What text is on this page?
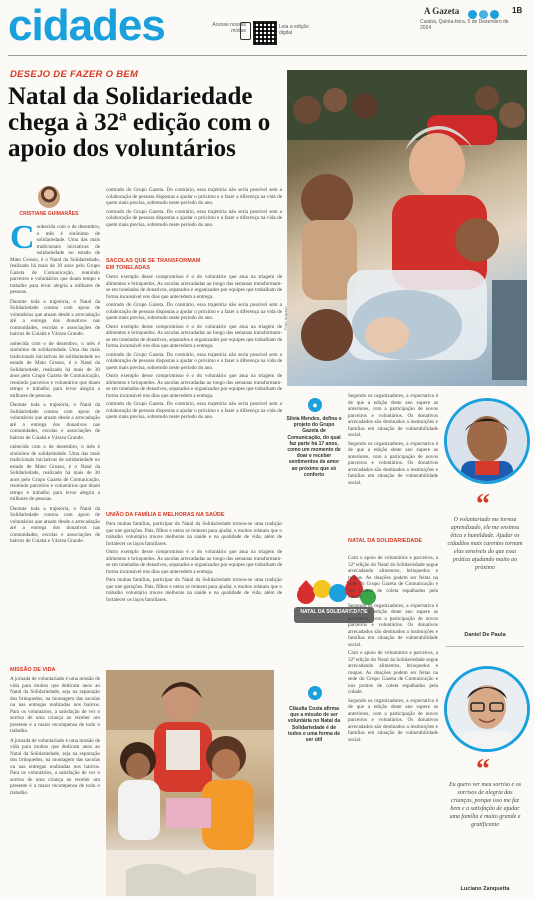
cidades	Acesse nossas mídias
Leia a edição digital
A Gazeta	1B
Cuiabá, Quinta-feira, 5 de Dezembro de 2024
DESEJO DE FAZER O BEM
Natal da Solidariedade chega à 32ª edição com o apoio dos voluntários
Foto: Arquivo
CRISTIANE GUIMARÃES
C onhecida com o de dezembro, o mês é sinônimo de solidariedade. Uma das mais tradicionais iniciativas de solidariedade no estado de Mato Grosso, é o Natal da Solidariedade, realizado há mais de 30 anos pelo Grupo Gazeta de Comunicação, reunindo parceiros e voluntários que doam tempo e trabalho para levar alegria a milhares de pessoas.

Durante toda a trajetória, o Natal da Solidariedade contou com apoio de voluntários que atuam desde a arrecadação até a entrega dos donativos nas comunidades, escolas e associações de bairros de Cuiabá e Várzea Grande.

onhecida com o de dezembro, o mês é sinônimo de solidariedade. Uma das mais tradicionais iniciativas de solidariedade no estado de Mato Grosso, é o Natal da Solidariedade, realizado há mais de 30 anos pelo Grupo Gazeta de Comunicação, reunindo parceiros e voluntários que doam tempo e trabalho para levar alegria a milhares de pessoas.

Durante toda a trajetória, o Natal da Solidariedade contou com apoio de voluntários que atuam desde a arrecadação até a entrega dos donativos nas comunidades, escolas e associações de bairros de Cuiabá e Várzea Grande.

onhecida com o de dezembro, o mês é sinônimo de solidariedade. Uma das mais tradicionais iniciativas de solidariedade no estado de Mato Grosso, é o Natal da Solidariedade, realizado há mais de 30 anos pelo Grupo Gazeta de Comunicação, reunindo parceiros e voluntários que doam tempo e trabalho para levar alegria a milhares de pessoas.

Durante toda a trajetória, o Natal da Solidariedade contou com apoio de voluntários que atuam desde a arrecadação até a entrega dos donativos nas comunidades, escolas e associações de bairros de Cuiabá e Várzea Grande.

MISSÃO DE VIDA

A jornada de voluntariado é uma missão de vida para muitos que dedicam anos ao Natal da Solidariedade, seja na separação dos brinquedos, na montagem das sacolas ou nas entregas realizadas nos bairros. Para os voluntários, a satisfação de ver o sorriso de uma criança ao receber um presente é a maior recompensa de todo o trabalho.

A jornada de voluntariado é uma missão de vida para muitos que dedicam anos ao Natal da Solidariedade, seja na separação dos brinquedos, na montagem das sacolas ou nas entregas realizadas nos bairros. Para os voluntários, a satisfação de ver o sorriso de uma criança ao receber um presente é a maior recompensa de todo o trabalho.

contrado do Grupo Gazeta. Do contrário, essa trajetória não seria possível sem a colaboração de pessoas dispostas a ajudar o próximo e a fazer a diferença na vida de quem mais precisa, sobretudo neste período do ano.

contrado do Grupo Gazeta. Do contrário, essa trajetória não seria possível sem a colaboração de pessoas dispostas a ajudar o próximo e a fazer a diferença na vida de quem mais precisa, sobretudo neste período do ano.

SACOLAS QUE SE TRANSFORMAM EM TONELADAS

Outro exemplo desse compromisso é o do voluntário que atua na triagem de alimentos e brinquedos. As sacolas arrecadadas ao longo das semanas transformam-se em toneladas de donativos, separados e organizados por equipes que trabalham de forma incansável nos dias que antecedem a entrega.

contrado do Grupo Gazeta. Do contrário, essa trajetória não seria possível sem a colaboração de pessoas dispostas a ajudar o próximo e a fazer a diferença na vida de quem mais precisa, sobretudo neste período do ano.

Outro exemplo desse compromisso é o do voluntário que atua na triagem de alimentos e brinquedos. As sacolas arrecadadas ao longo das semanas transformam-se em toneladas de donativos, separados e organizados por equipes que trabalham de forma incansável nos dias que antecedem a entrega.

contrado do Grupo Gazeta. Do contrário, essa trajetória não seria possível sem a colaboração de pessoas dispostas a ajudar o próximo e a fazer a diferença na vida de quem mais precisa, sobretudo neste período do ano.

Outro exemplo desse compromisso é o do voluntário que atua na triagem de alimentos e brinquedos. As sacolas arrecadadas ao longo das semanas transformam-se em toneladas de donativos, separados e organizados por equipes que trabalham de forma incansável nos dias que antecedem a entrega.

contrado do Grupo Gazeta. Do contrário, essa trajetória não seria possível sem a colaboração de pessoas dispostas a ajudar o próximo e a fazer a diferença na vida de quem mais precisa, sobretudo neste período do ano.

UNIÃO DA FAMÍLIA E MELHORAS NA SAÚDE

Para muitas famílias, participar do Natal da Solidariedade tornou-se uma tradição que une gerações. Pais, filhos e netos se reúnem para ajudar, e muitos relatam que o trabalho voluntário trouxe melhoras na saúde e na qualidade de vida, além de fortalecer os laços familiares.

Outro exemplo desse compromisso é o do voluntário que atua na triagem de alimentos e brinquedos. As sacolas arrecadadas ao longo das semanas transformam-se em toneladas de donativos, separados e organizados por equipes que trabalham de forma incansável nos dias que antecedem a entrega.

Para muitas famílias, participar do Natal da Solidariedade tornou-se uma tradição que une gerações. Pais, filhos e netos se reúnem para ajudar, e muitos relatam que o trabalho voluntário trouxe melhoras na saúde e na qualidade de vida, além de fortalecer os laços familiares.

NATAL DA SOLIDARIEDADE
●
Silvia Mendes, defina o projeto do Grupo Gazeta de Comunicação, do qual faz parte há 17 anos, como um momento de doar e receber sentimentos de amor ao próximo que só conforto
●
Cláudia Costa afirma que a missão de ser voluntária no Natal da Solidariedade é de todos e uma forma de ser útil

Segundo os organizadores, a expectativa é de que a edição deste ano supere as anteriores, com a participação de novos parceiros e voluntários. Os donativos arrecadados são destinados a instituições e famílias em situação de vulnerabilidade social.

Segundo os organizadores, a expectativa é de que a edição deste ano supere as anteriores, com a participação de novos parceiros e voluntários. Os donativos arrecadados são destinados a instituições e famílias em situação de vulnerabilidade social.

NATAL DA SOLIDARIEDADE

Com o apoio de voluntários e parceiros, a 32ª edição do Natal da Solidariedade segue arrecadando alimentos, brinquedos e roupas. As doações podem ser feitas na sede do Grupo Gazeta de Comunicação e nos pontos de coleta espalhados pela cidade.

Segundo os organizadores, a expectativa é de que a edição deste ano supere as anteriores, com a participação de novos parceiros e voluntários. Os donativos arrecadados são destinados a instituições e famílias em situação de vulnerabilidade social.

Com o apoio de voluntários e parceiros, a 32ª edição do Natal da Solidariedade segue arrecadando alimentos, brinquedos e roupas. As doações podem ser feitas na sede do Grupo Gazeta de Comunicação e nos pontos de coleta espalhados pela cidade.

Segundo os organizadores, a expectativa é de que a edição deste ano supere as anteriores, com a participação de novos parceiros e voluntários. Os donativos arrecadados são destinados a instituições e famílias em situação de vulnerabilidade social.

“
O voluntariado me tornou aprendizado, ele me ensinou ética e humildade. Ajudar os cidadãos mais carentes tornam elas sensíveis do que essa prática ajudando muito ao próximo
Daniel De Paula
“
Eu quero ver meu sorriso e os sorrisos de alegria das crianças, porque isso me faz bem e a satisfação de ajudar uma família é muito grande e gratificante
Luciano Zanquetta
